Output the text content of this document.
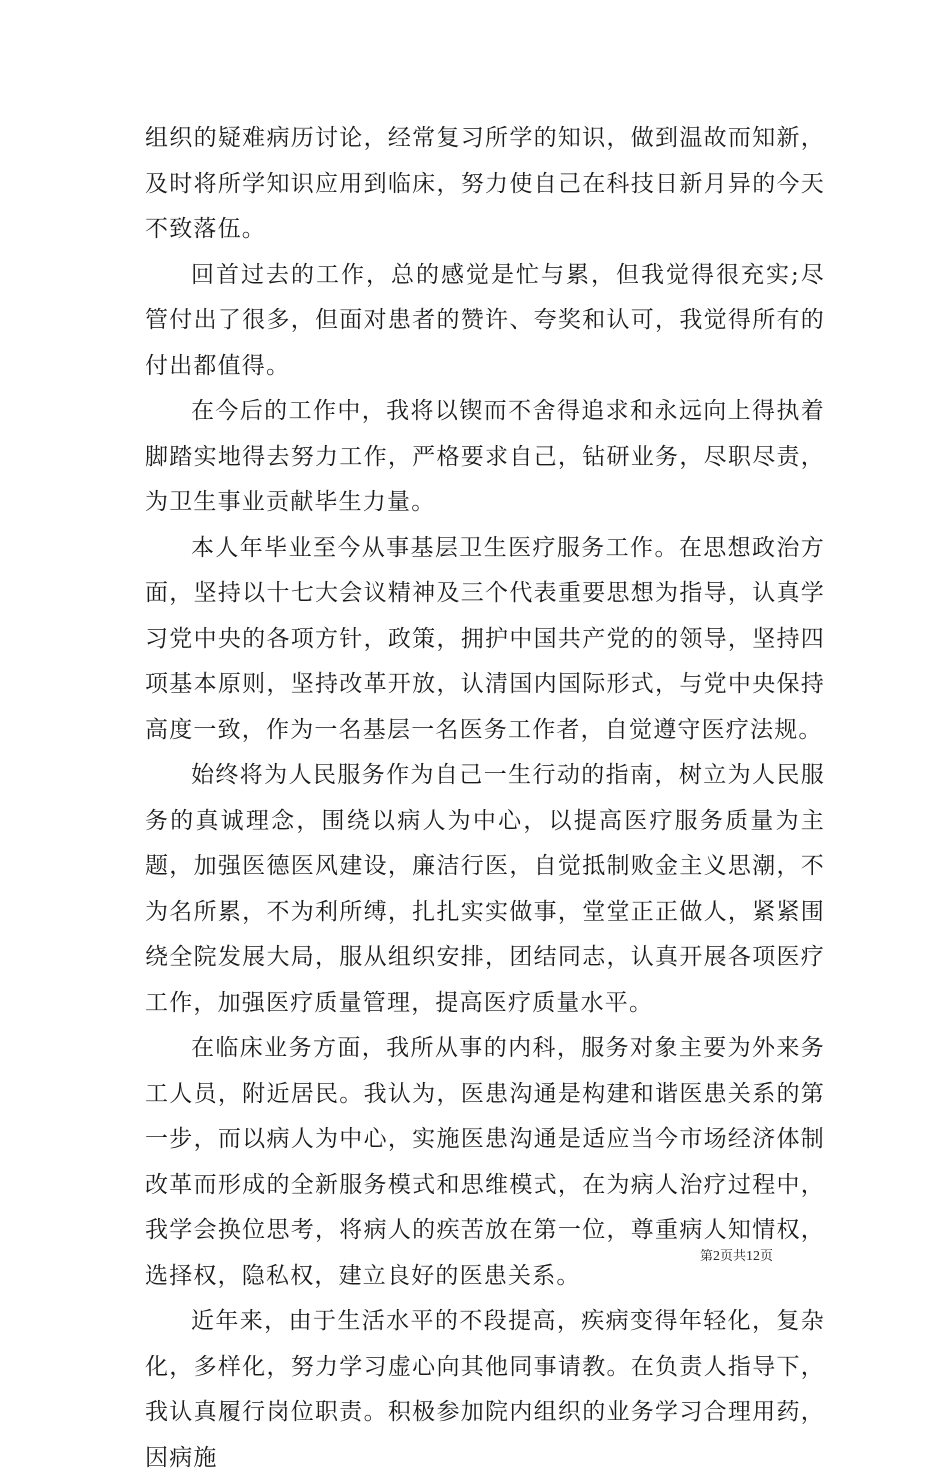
组织的疑难病历讨论，经常复习所学的知识，做到温故而知新，及时将所学知识应用到临床，努力使自己在科技日新月异的今天不致落伍。

回首过去的工作，总的感觉是忙与累，但我觉得很充实;尽管付出了很多，但面对患者的赞许、夸奖和认可，我觉得所有的付出都值得。

在今后的工作中，我将以锲而不舍得追求和永远向上得执着脚踏实地得去努力工作，严格要求自己，钻研业务，尽职尽责，为卫生事业贡献毕生力量。

本人年毕业至今从事基层卫生医疗服务工作。在思想政治方面，坚持以十七大会议精神及三个代表重要思想为指导，认真学习党中央的各项方针，政策，拥护中国共产党的的领导，坚持四项基本原则，坚持改革开放，认清国内国际形式，与党中央保持高度一致，作为一名基层一名医务工作者，自觉遵守医疗法规。

始终将为人民服务作为自己一生行动的指南，树立为人民服务的真诚理念，围绕以病人为中心，以提高医疗服务质量为主题，加强医德医风建设，廉洁行医，自觉抵制败金主义思潮，不为名所累，不为利所缚，扎扎实实做事，堂堂正正做人，紧紧围绕全院发展大局，服从组织安排，团结同志，认真开展各项医疗工作，加强医疗质量管理，提高医疗质量水平。

在临床业务方面，我所从事的内科，服务对象主要为外来务工人员，附近居民。我认为，医患沟通是构建和谐医患关系的第一步，而以病人为中心，实施医患沟通是适应当今市场经济体制改革而形成的全新服务模式和思维模式，在为病人治疗过程中，我学会换位思考，将病人的疾苦放在第一位，尊重病人知情权，选择权，隐私权，建立良好的医患关系。

近年来，由于生活水平的不段提高，疾病变得年轻化，复杂化，多样化，努力学习虚心向其他同事请教。在负责人指导下，我认真履行岗位职责。积极参加院内组织的业务学习合理用药，因病施

第2页共12页
